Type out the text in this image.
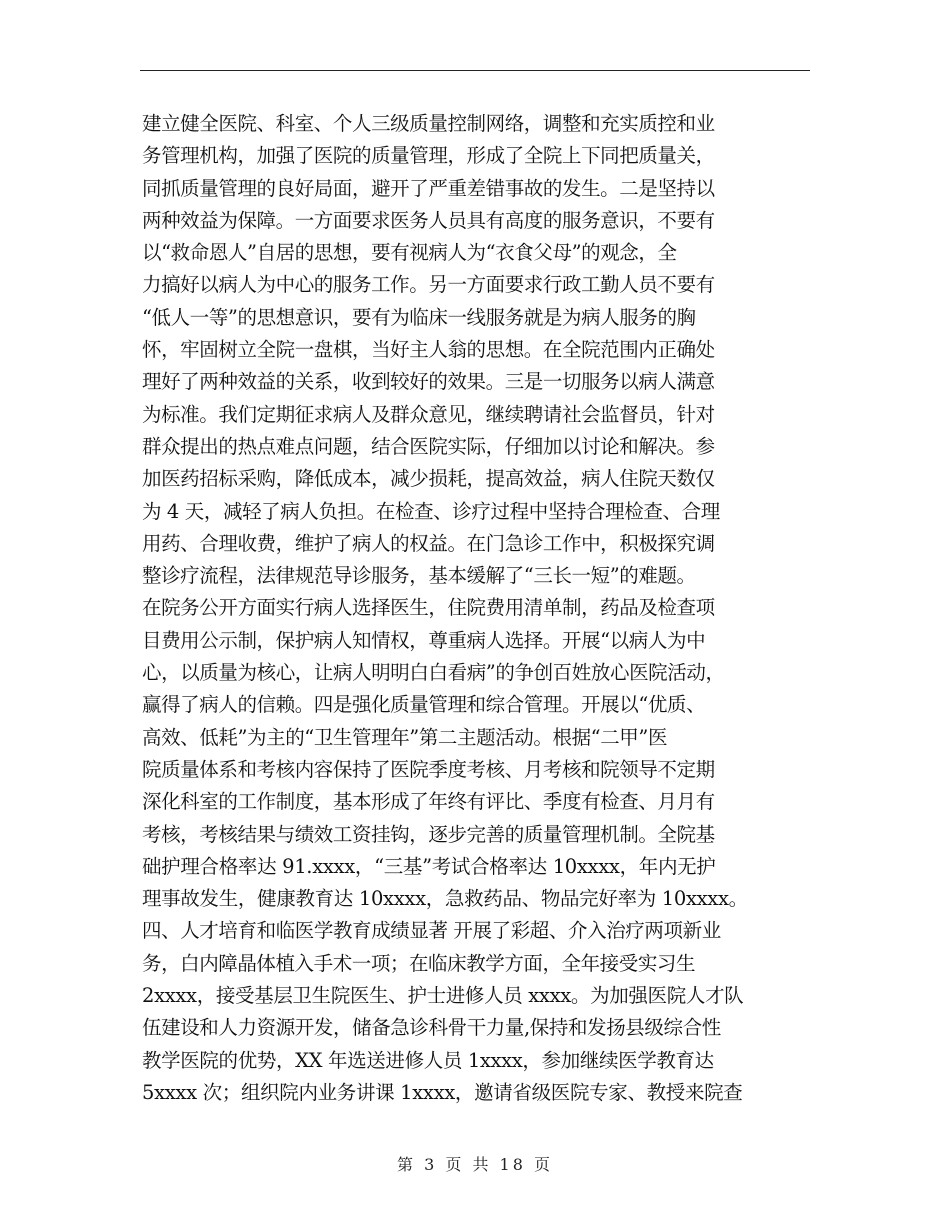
建立健全医院、科室、个人三级质量控制网络，调整和充实质控和业
务管理机构，加强了医院的质量管理，形成了全院上下同把质量关，
同抓质量管理的良好局面，避开了严重差错事故的发生。二是坚持以
两种效益为保障。一方面要求医务人员具有高度的服务意识，不要有
以“救命恩人”自居的思想，要有视病人为“衣食父母”的观念，全
力搞好以病人为中心的服务工作。另一方面要求行政工勤人员不要有
“低人一等”的思想意识，要有为临床一线服务就是为病人服务的胸
怀，牢固树立全院一盘棋，当好主人翁的思想。在全院范围内正确处
理好了两种效益的关系，收到较好的效果。三是一切服务以病人满意
为标准。我们定期征求病人及群众意见，继续聘请社会监督员，针对
群众提出的热点难点问题，结合医院实际，仔细加以讨论和解决。参
加医药招标采购，降低成本，减少损耗，提高效益，病人住院天数仅
为 4 天，减轻了病人负担。在检查、诊疗过程中坚持合理检查、合理
用药、合理收费，维护了病人的权益。在门急诊工作中，积极探究调
整诊疗流程，法律规范导诊服务，基本缓解了“三长一短”的难题。
在院务公开方面实行病人选择医生，住院费用清单制，药品及检查项
目费用公示制，保护病人知情权，尊重病人选择。开展“以病人为中
心，以质量为核心，让病人明明白白看病”的争创百姓放心医院活动，
赢得了病人的信赖。四是强化质量管理和综合管理。开展以“优质、
高效、低耗”为主的“卫生管理年”第二主题活动。根据“二甲”医
院质量体系和考核内容保持了医院季度考核、月考核和院领导不定期
深化科室的工作制度，基本形成了年终有评比、季度有检查、月月有
考核，考核结果与绩效工资挂钩，逐步完善的质量管理机制。全院基
础护理合格率达 91.xxxx，“三基”考试合格率达 10xxxx，年内无护
理事故发生，健康教育达 10xxxx，急救药品、物品完好率为 10xxxx。
四、人才培育和临医学教育成绩显著 开展了彩超、介入治疗两项新业
务，白内障晶体植入手术一项；在临床教学方面，全年接受实习生
2xxxx，接受基层卫生院医生、护士进修人员 xxxx。为加强医院人才队
伍建设和人力资源开发，储备急诊科骨干力量,保持和发扬县级综合性
教学医院的优势，XX 年选送进修人员 1xxxx，参加继续医学教育达
5xxxx 次；组织院内业务讲课 1xxxx，邀请省级医院专家、教授来院查
第 3 页 共 18 页
